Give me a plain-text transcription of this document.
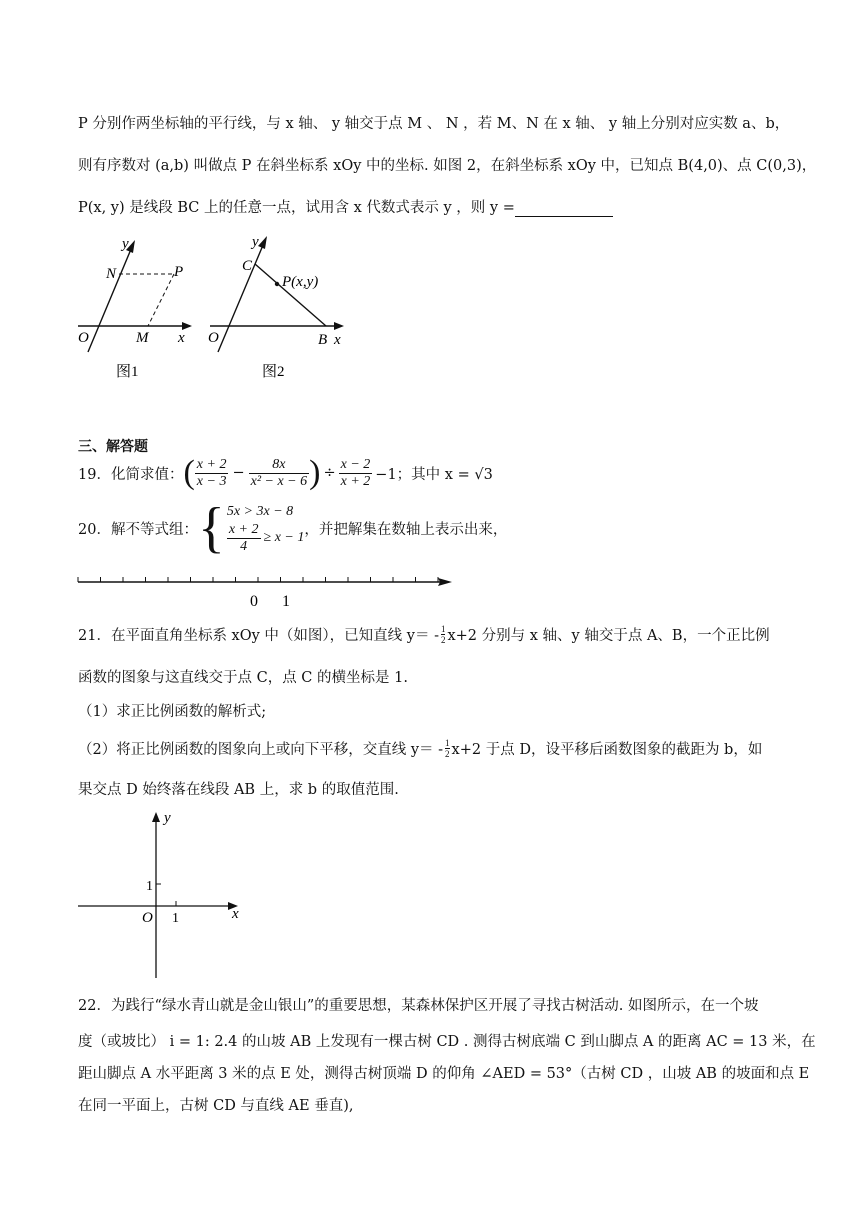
P 分别作两坐标轴的平行线，与 x 轴、 y 轴交于点 M 、 N ，若 M、N 在 x 轴、 y 轴上分别对应实数 a、b，
则有序数对 (a,b) 叫做点 P 在斜坐标系 xOy 中的坐标. 如图 2，在斜坐标系 xOy 中，已知点 B(4,0)、点 C(0,3)，
P(x, y) 是线段 BC 上的任意一点，试用含 x 代数式表示 y ，则 y =
y
N	P
O	M x
图1
y
C
P(x,y)
O	B x
图2
三、解答题
19．化简求值： ( $\frac{x + 2}{x - 3} - \frac{8x}{\text{x² − x − 6}}$ ) ÷ $\frac{x - 2}{x + 2} -1$；其中 x = √3
20．解不等式组： { 5x > 3x − 8
$\frac{x + 2}{4} \ge x - 1$ ，并把解集在数轴上表示出来，
0 1
21．在平面直角坐标系 xOy 中（如图），已知直线 y＝ - 1
2 x+2 分别与 x 轴、y 轴交于点 A、B，一个正比例
函数的图象与这直线交于点 C，点 C 的横坐标是 1.
（1）求正比例函数的解析式;
（2）将正比例函数的图象向上或向下平移，交直线 y＝ - 1
2 x+2 于点 D，设平移后函数图象的截距为 b，如
果交点 D 始终落在线段 AB 上，求 b 的取值范围.
y
x
O
1
1
22．为践行“绿水青山就是金山银山”的重要思想，某森林保护区开展了寻找古树活动. 如图所示，在一个坡
度（或坡比） i = 1: 2.4 的山坡 AB 上发现有一棵古树 CD . 测得古树底端 C 到山脚点 A 的距离 AC = 13 米，在
距山脚点 A 水平距离 3 米的点 E 处，测得古树顶端 D 的仰角 ∠AED = 53°（古树 CD ，山坡 AB 的坡面和点 E
在同一平面上，古树 CD 与直线 AE 垂直),
